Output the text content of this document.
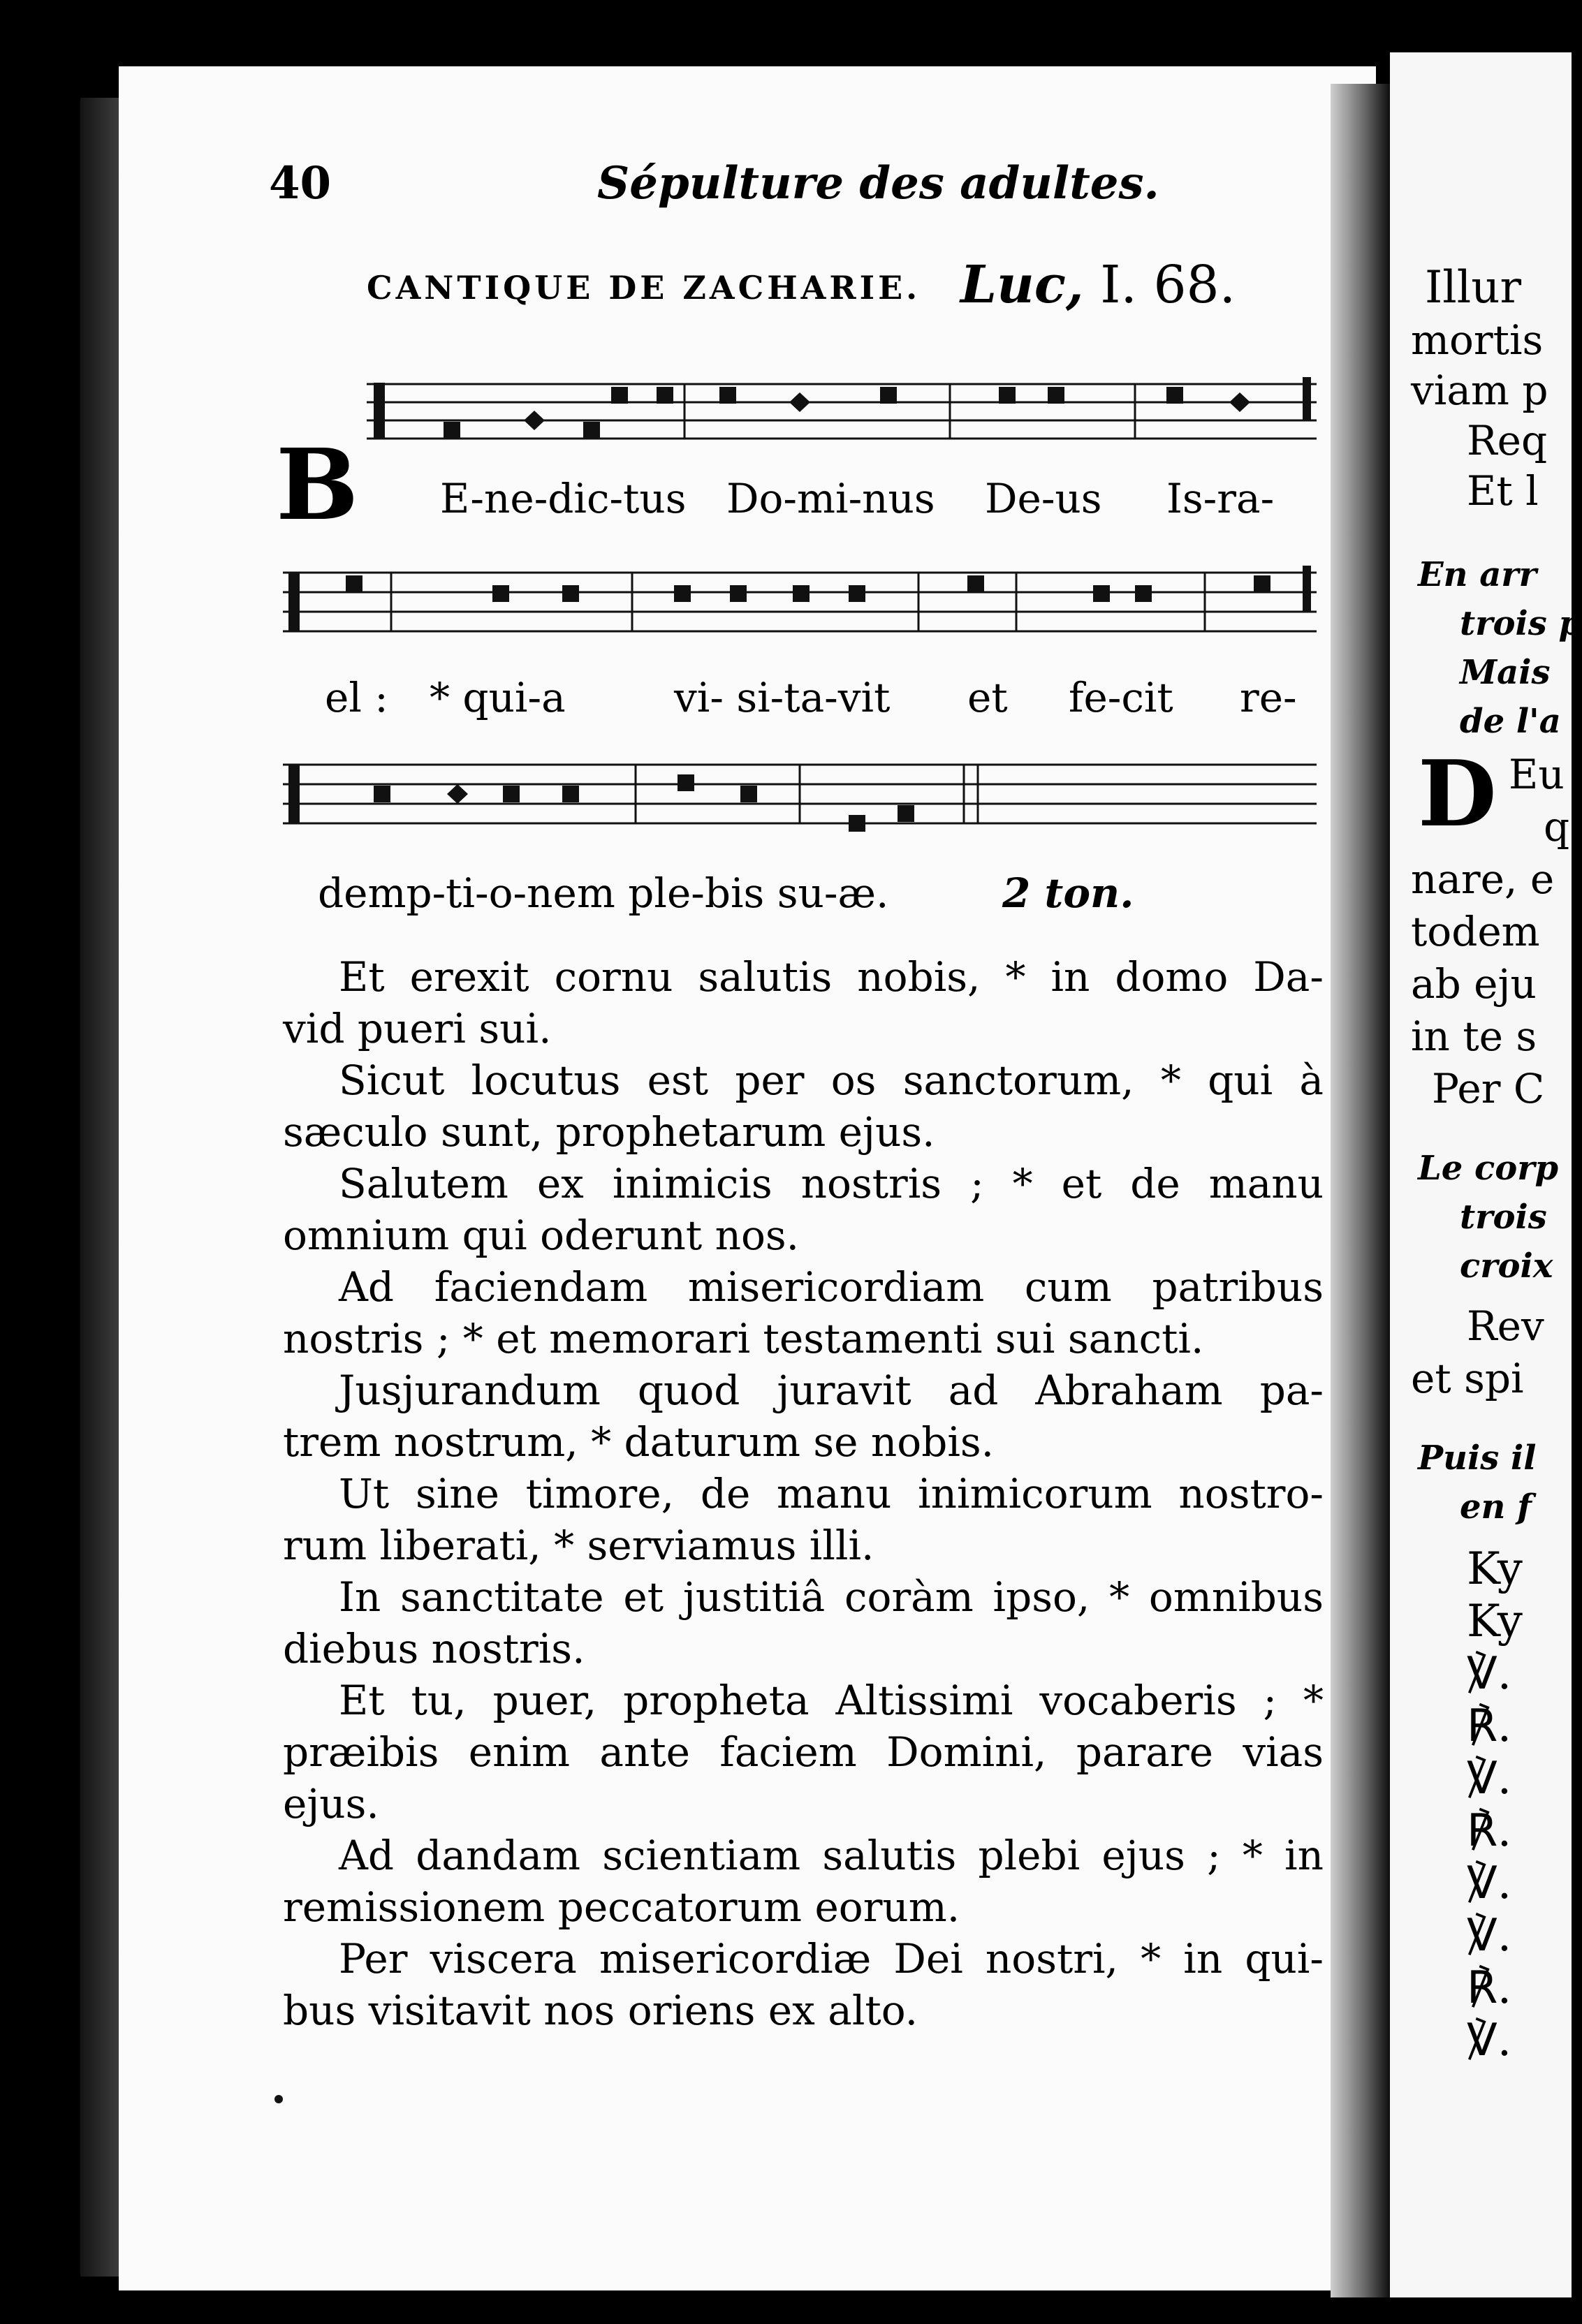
40	Sépulture des adultes.
CANTIQUE DE ZACHARIE. Luc, I. 68.
B E-ne-dic-tus Do-mi-nus De-us Is-ra-
el : * qui-a	vi- si-ta-vit et fe-cit re-
demp-ti-o-nem ple-bis su-æ.	2 ton.
Et erexit cornu salutis nobis, * in domo Da-
vid pueri sui.
Sicut locutus est per os sanctorum, * qui à
sæculo sunt, prophetarum ejus.
Salutem ex inimicis nostris ; * et de manu
omnium qui oderunt nos.
Ad faciendam misericordiam cum patribus
nostris ; * et memorari testamenti sui sancti.
Jusjurandum quod juravit ad Abraham pa-
trem nostrum, * daturum se nobis.
Ut sine timore, de manu inimicorum nostro-
rum liberati, * serviamus illi.
In sanctitate et justitiâ coràm ipso, * omnibus
diebus nostris.
Et tu, puer, propheta Altissimi vocaberis ; *
præibis enim ante faciem Domini, parare vias
ejus.
Ad dandam scientiam salutis plebi ejus ; * in
remissionem peccatorum eorum.
Per viscera misericordiæ Dei nostri, * in qui-
bus visitavit nos oriens ex alto.
Illur
mortis
viam p
Req
Et l
En arr
trois p
Mais
de l'a
D Eu
q
nare, e
todem
ab eju
in te s
Per C
Le corp
trois
croix
Rev
et spi
Puis il
en f
Ky
Ky
℣.
℟.
℣.
℟.
℣.
℣.
℟.
℣.
